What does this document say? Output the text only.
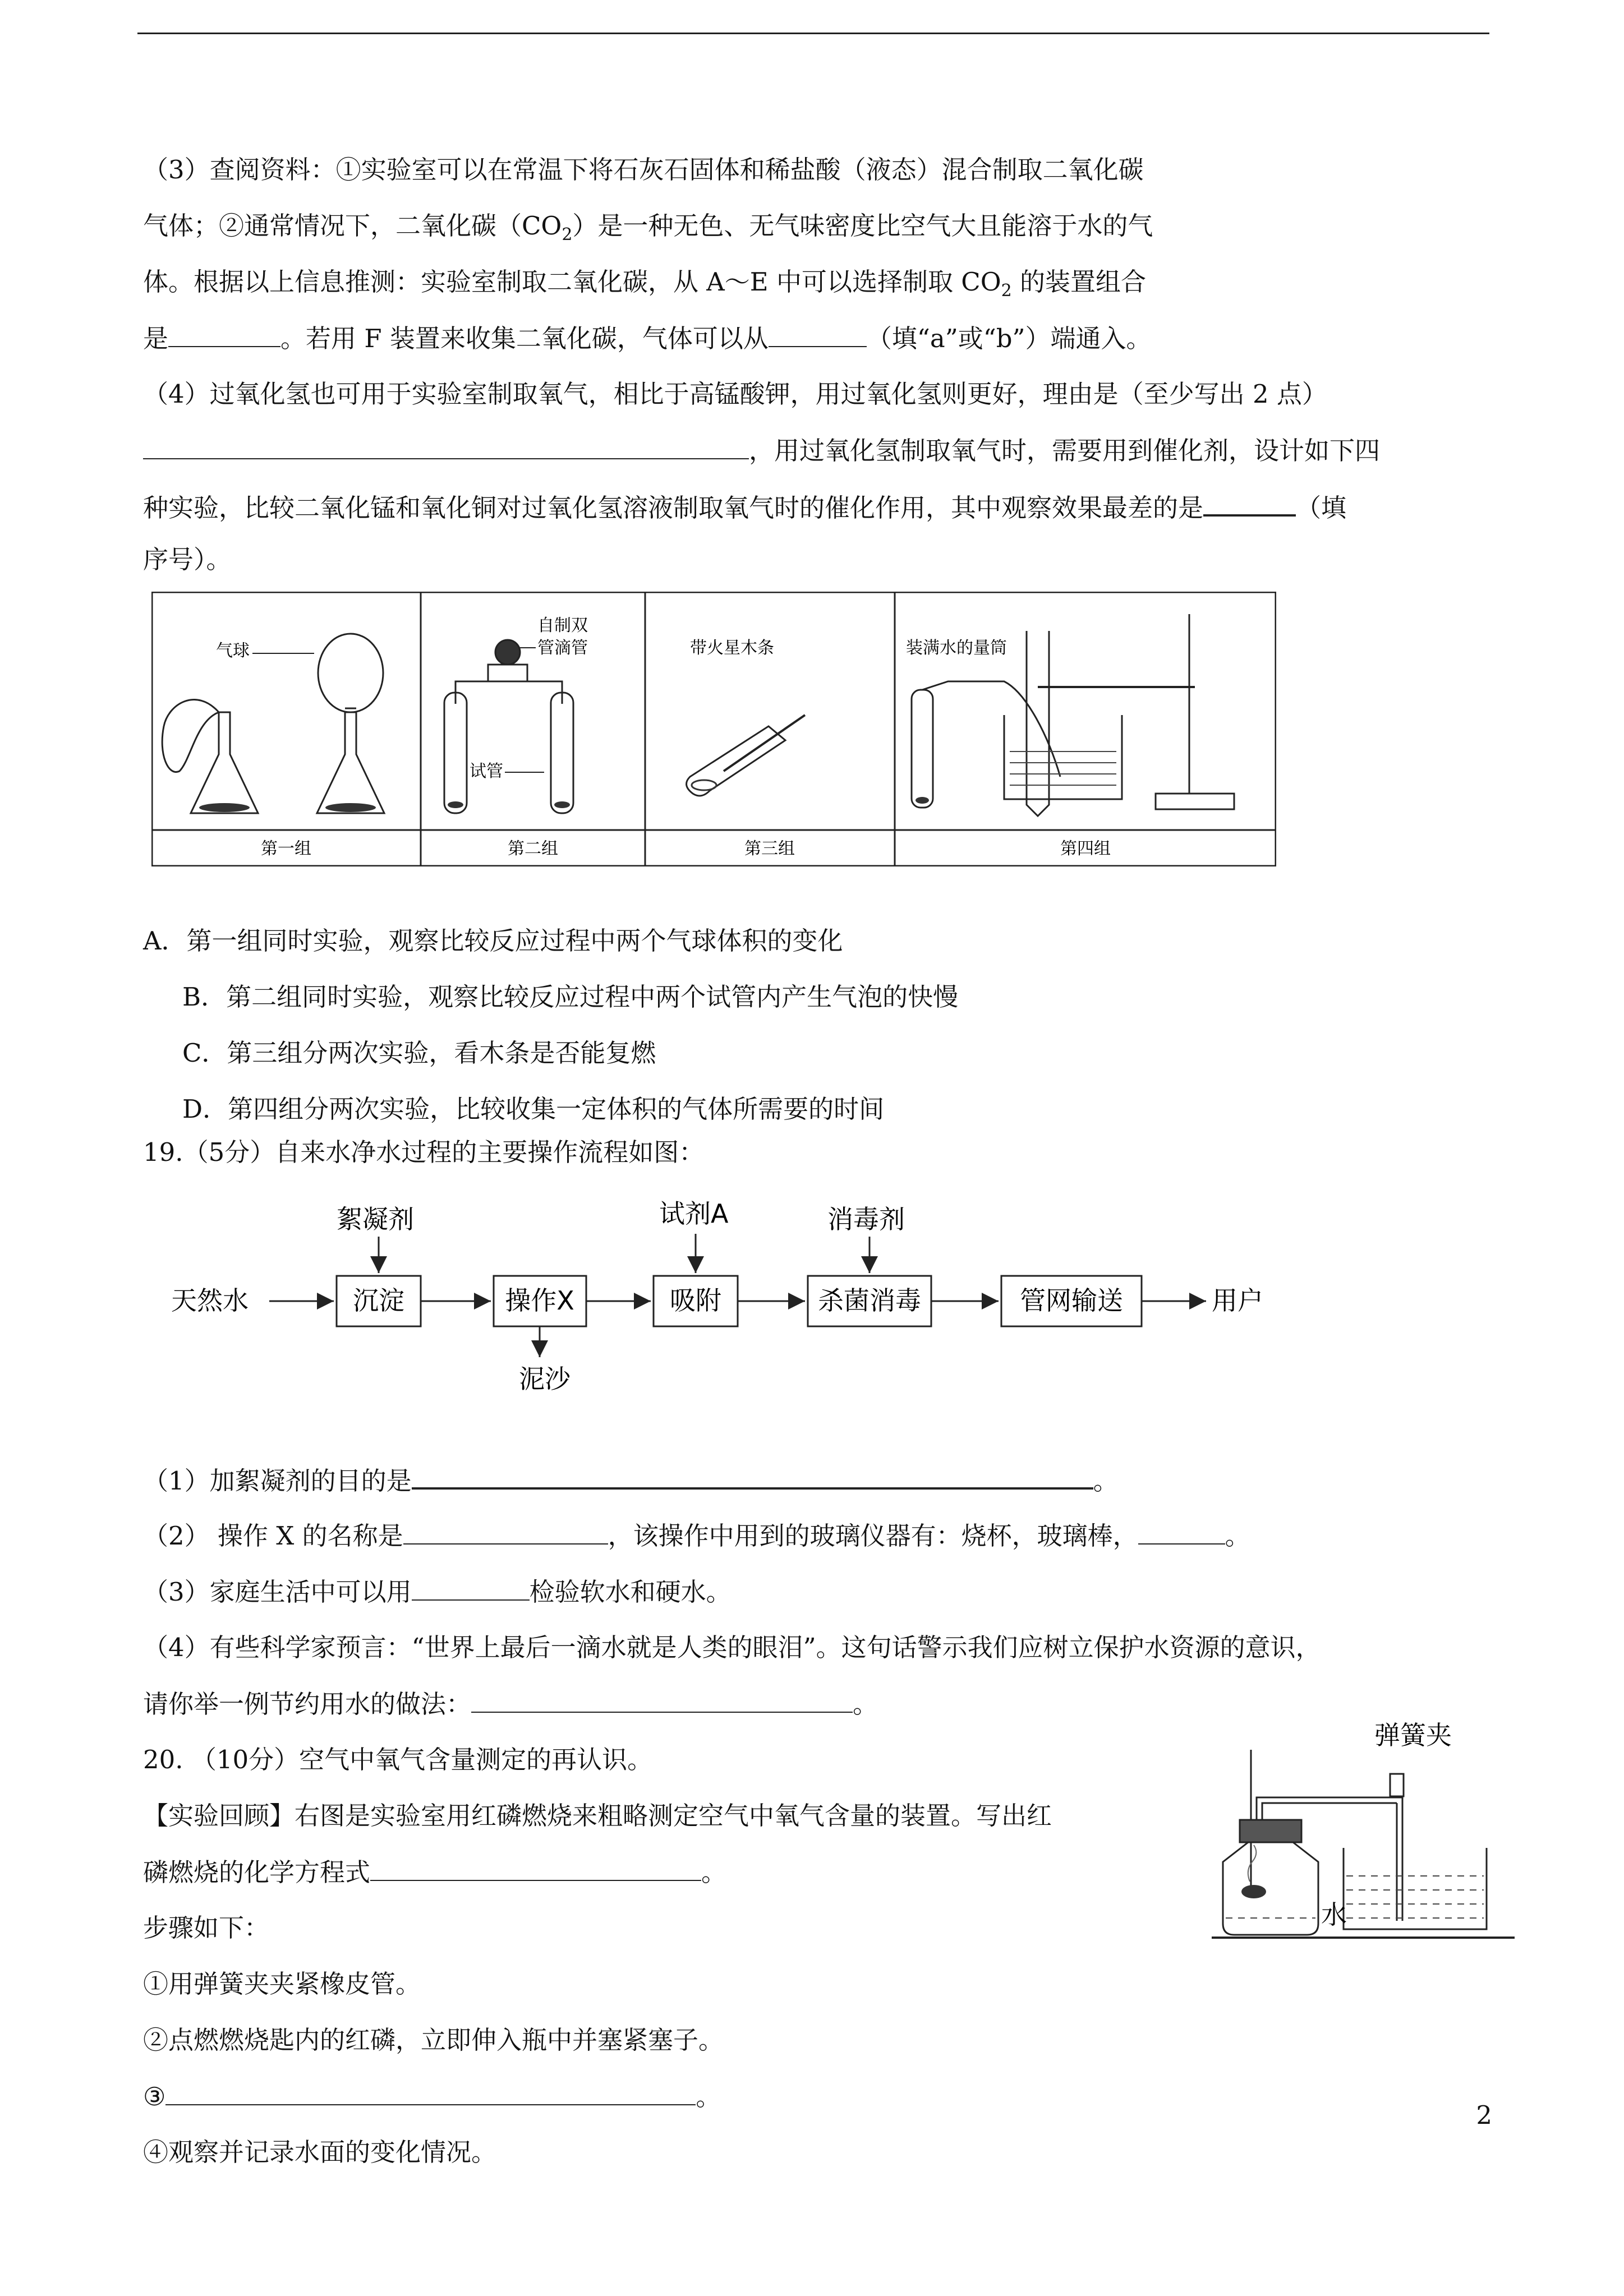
（3）查阅资料：①实验室可以在常温下将石灰石固体和稀盐酸（液态）混合制取二氧化碳
气体；②通常情况下，二氧化碳$(CO_2)$是一种无色、无气味密度比空气大且能溶于水的气
体。根据以上信息推测：实验室制取二氧化碳，从 A～E 中可以选择制取 $CO_2$ 的装置组合
是	。若用 F 装置来收集二氧化碳，气体可以从	（填“a”或“b”）端通入。
（4）过氧化氢也可用于实验室制取氧气，相比于高锰酸钾，用过氧化氢则更好，理由是（至少写出 2 点）
，用过氧化氢制取氧气时，需要用到催化剂，设计如下四
种实验，比较二氧化锰和氧化铜对过氧化氢溶液制取氧气时的催化作用，其中观察效果最差的是	（填
序号）。
第一组	第二组	第三组	第四组
气球
自制双
管滴管
试管
带火星木条	装满水的量筒
A．第一组同时实验，观察比较反应过程中两个气球体积的变化
B．第二组同时实验，观察比较反应过程中两个试管内产生气泡的快慢
C．第三组分两次实验，看木条是否能复燃
D．第四组分两次实验，比较收集一定体积的气体所需要的时间
19.（5分）自来水净水过程的主要操作流程如图：
天然水	沉淀	操作X	吸附	杀菌消毒	管网输送	用户
絮凝剂	试剂A	消毒剂
泥沙
（1）加絮凝剂的目的是	。
（2） 操作 X 的名称是	，该操作中用到的玻璃仪器有：烧杯，玻璃棒，	。
（3）家庭生活中可以用	检验软水和硬水。
（4）有些科学家预言：“世界上最后一滴水就是人类的眼泪”。这句话警示我们应树立保护水资源的意识，
请你举一例节约用水的做法：	。
20. （10分）空气中氧气含量测定的再认识。
【实验回顾】右图是实验室用红磷燃烧来粗略测定空气中氧气含量的装置。写出红
磷燃烧的化学方程式	。
步骤如下：
①用弹簧夹夹紧橡皮管。
②点燃燃烧匙内的红磷，立即伸入瓶中并塞紧塞子。
③	。
④观察并记录水面的变化情况。
弹簧夹
水
2
